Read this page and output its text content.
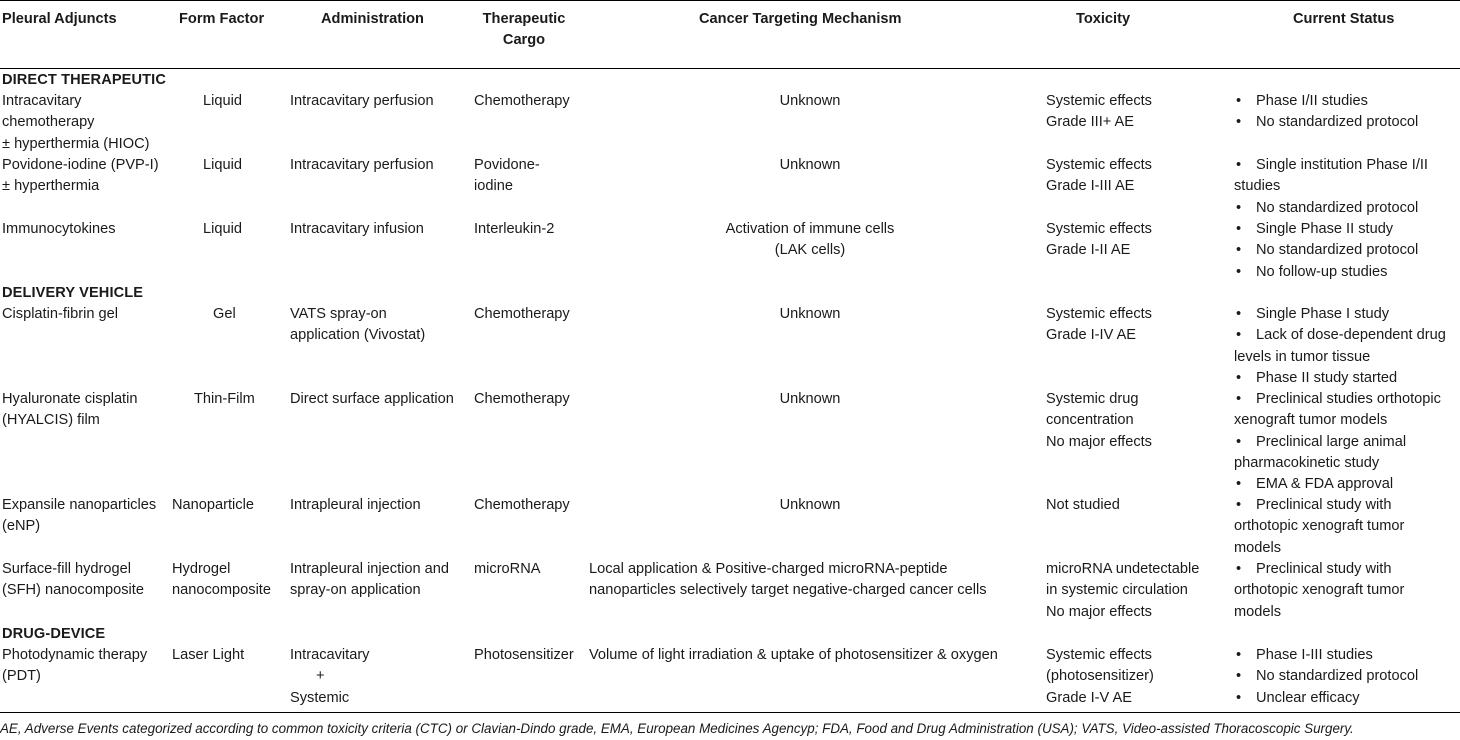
Pleural Adjuncts	Form Factor	Administration	Therapeutic
Cargo
Cancer Targeting Mechanism	Toxicity	Current Status
DIRECT THERAPEUTIC
DELIVERY VEHICLE
DRUG-DEVICE
Intracavitary
chemotherapy
± hyperthermia (HIOC)
Liquid	Intracavitary perfusion	Chemotherapy	Unknown	Systemic effects
Grade III+ AE
• Phase I/II studies
• No standardized protocol
Povidone-iodine (PVP-I)
± hyperthermia
Liquid	Intracavitary perfusion	Povidone-
iodine
Unknown	Systemic effects
Grade I-III AE
• Single institution Phase I/II
studies
• No standardized protocol
Immunocytokines	Liquid	Intracavitary infusion	Interleukin-2	Activation of immune cells
(LAK cells)
Systemic effects
Grade I-II AE
• Single Phase II study
• No standardized protocol
• No follow-up studies
Cisplatin-fibrin gel	Gel	VATS spray-on
application (Vivostat)
Chemotherapy	Unknown	Systemic effects
Grade I-IV AE
• Single Phase I study
• Lack of dose-dependent drug
levels in tumor tissue
• Phase II study started
Hyaluronate cisplatin
(HYALCIS) film
Thin-Film Direct surface application Chemotherapy	Unknown	Systemic drug
concentration
No major effects
• Preclinical studies orthotopic
xenograft tumor models
• Preclinical large animal
pharmacokinetic study
• EMA & FDA approval
Expansile nanoparticles
(eNP)
Nanoparticle Intrapleural injection	Chemotherapy	Unknown	Not studied
•	Preclinical study with
orthotopic xenograft tumor
models
Surface-fill hydrogel
(SFH) nanocomposite
Hydrogel
nanocomposite
Intrapleural injection and
spray-on application
microRNA	Local application & Positive-charged microRNA-peptide
nanoparticles selectively target negative-charged cancer cells
microRNA undetectable
in systemic circulation
No major effects
• Preclinical study with
orthotopic xenograft tumor
models
Photodynamic therapy
(PDT)
Laser Light	Intracavitary
+
Systemic
Photosensitizer Volume of light irradiation & uptake of photosensitizer & oxygen	Systemic effects
(photosensitizer)
Grade I-V AE
• Phase I-III studies
• No standardized protocol
• Unclear efficacy
AE, Adverse Events categorized according to common toxicity criteria (CTC) or Clavian-Dindo grade, EMA, European Medicines Agencyp; FDA, Food and Drug Administration (USA); VATS, Video-assisted Thoracoscopic Surgery.
